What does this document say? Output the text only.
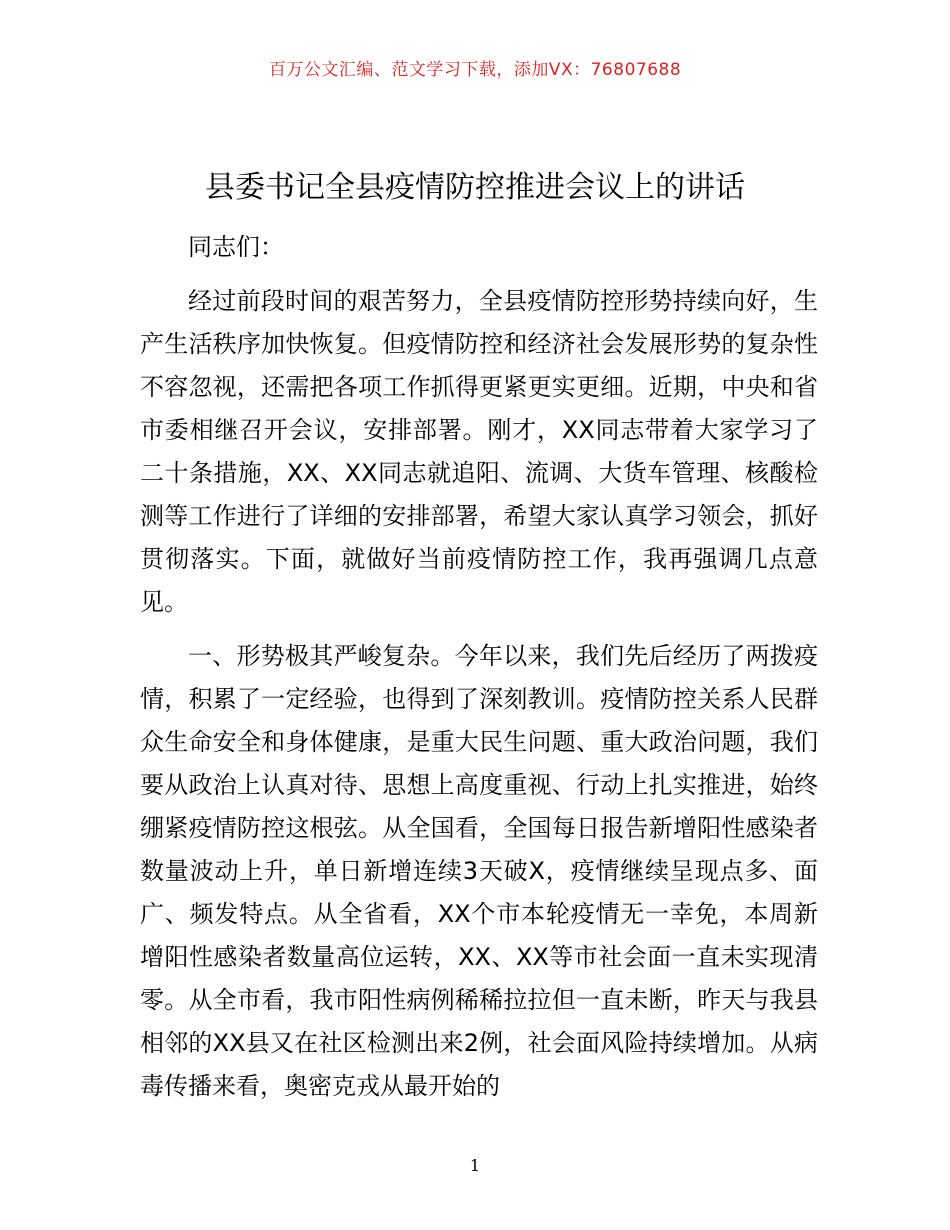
百万公文汇编、范文学习下载，添加VX：76807688
县委书记全县疫情防控推进会议上的讲话

同志们：

经过前段时间的艰苦努力，全县疫情防控形势持续向好，生产生活秩序加快恢复。但疫情防控和经济社会发展形势的复杂性不容忽视，还需把各项工作抓得更紧更实更细。近期，中央和省市委相继召开会议，安排部署。刚才，XX同志带着大家学习了二十条措施，XX、XX同志就追阳、流调、大货车管理、核酸检测等工作进行了详细的安排部署，希望大家认真学习领会，抓好贯彻落实。下面，就做好当前疫情防控工作，我再强调几点意见。

一、形势极其严峻复杂。今年以来，我们先后经历了两拨疫情，积累了一定经验，也得到了深刻教训。疫情防控关系人民群众生命安全和身体健康，是重大民生问题、重大政治问题，我们要从政治上认真对待、思想上高度重视、行动上扎实推进，始终绷紧疫情防控这根弦。从全国看，全国每日报告新增阳性感染者数量波动上升，单日新增连续3天破X，疫情继续呈现点多、面广、频发特点。从全省看，XX个市本轮疫情无一幸免，本周新增阳性感染者数量高位运转，XX、XX等市社会面一直未实现清零。从全市看，我市阳性病例稀稀拉拉但一直未断，昨天与我县相邻的XX县又在社区检测出来2例，社会面风险持续增加。从病毒传播来看，奥密克戎从最开始的

1
